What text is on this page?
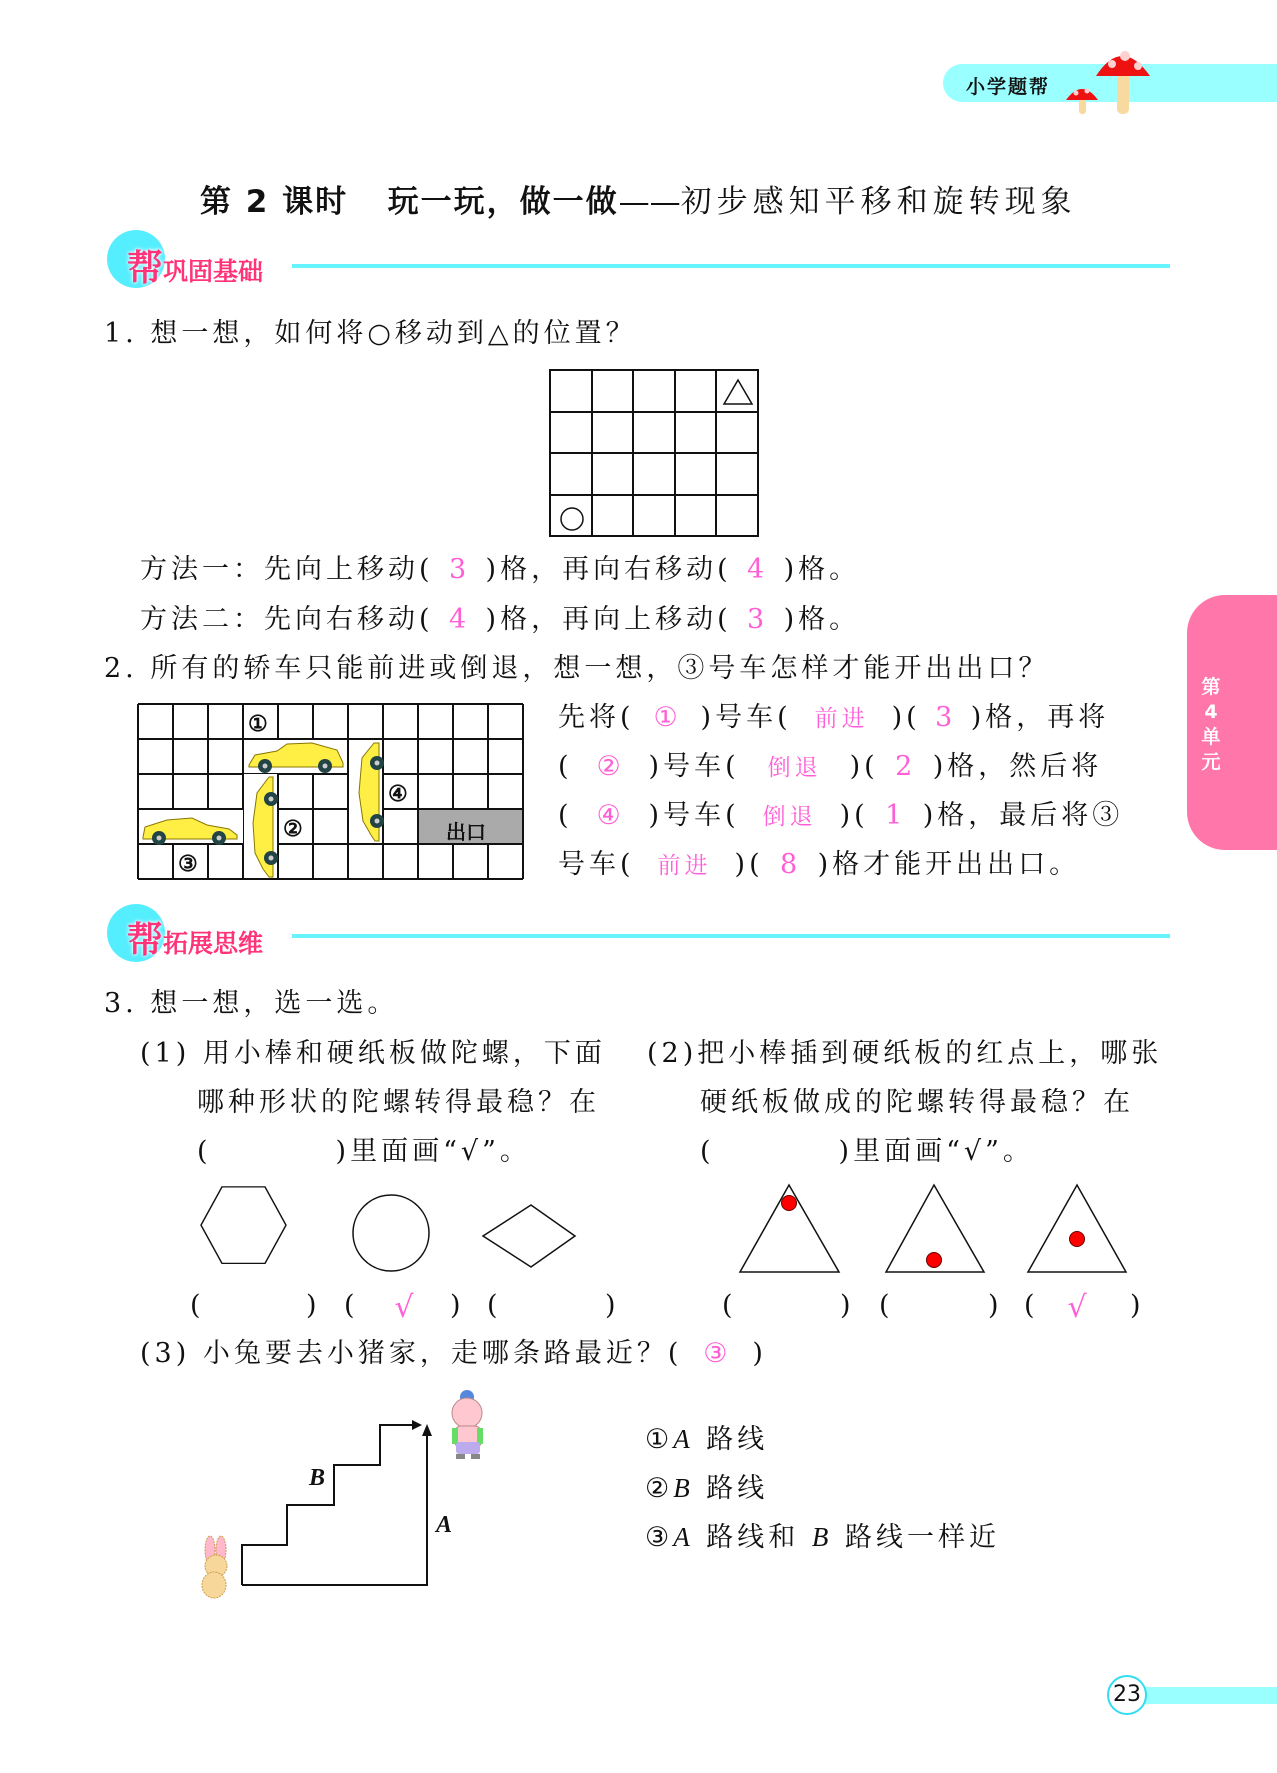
小学题帮
第 2 课时 玩一玩，做一做——初步感知平移和旋转现象
帮巩固基础
第4单元
1. 想一想，如何将○移动到△的位置？

方法一：先向上移动( 3 )格，再向右移动( 4 )格。
方法二：先向右移动( 4 )格，再向上移动( 3 )格。
2. 所有的轿车只能前进或倒退，想一想，③号车怎样才能开出出口？
①
②
③
④
出口
先将( ① )号车( 前进 )( 3 )格，再将
( ② )号车( 倒退 )( 2 )格，然后将
( ④ )号车( 倒退 )( 1 )格，最后将③
号车( 前进 )( 8 )格才能开出出口。
帮拓展思维
3. 想一想，选一选。
(1) 用小棒和硬纸板做陀螺，下面
哪种形状的陀螺转得最稳？在
(　　　　)里面画“√”。
(2)把小棒插到硬纸板的红点上，哪张
硬纸板做成的陀螺转得最稳？在
(　　　　)里面画“√”。
(	) (	√	) (	)	(	) (	) (	√	)
(3) 小兔要去小猪家，走哪条路最近？( ③ )
B
A
①A 路线
②B 路线
③A 路线和 B 路线一样近
23
